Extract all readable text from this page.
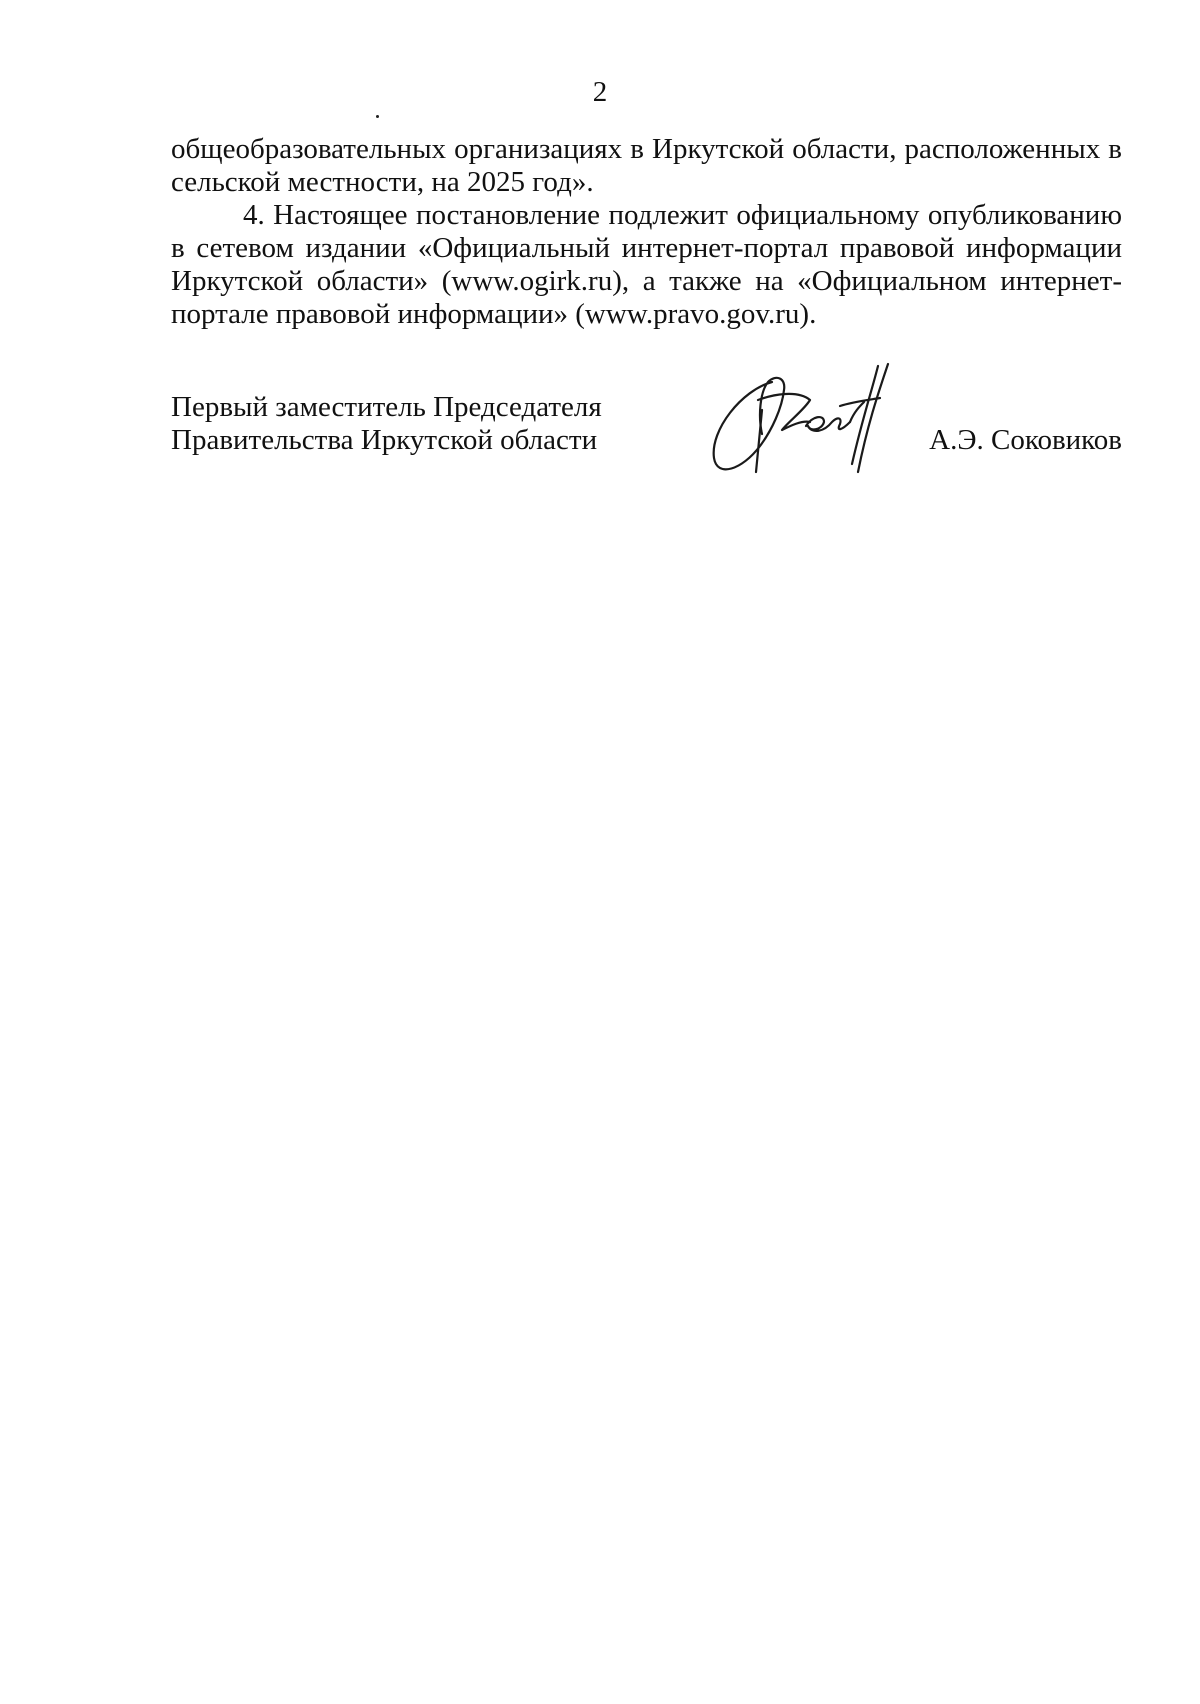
2

общеобразовательных организациях в Иркутской области, расположенных в
сельской местности, на 2025 год».

4. Настоящее постановление подлежит официальному опубликованию
в сетевом издании «Официальный интернет-портал правовой информации
Иркутской области» (www.ogirk.ru), а также на «Официальном интернет-
портале правовой информации» (www.pravo.gov.ru).

Первый заместитель Председателя
Правительства Иркутской области	А.Э. Соковиков
